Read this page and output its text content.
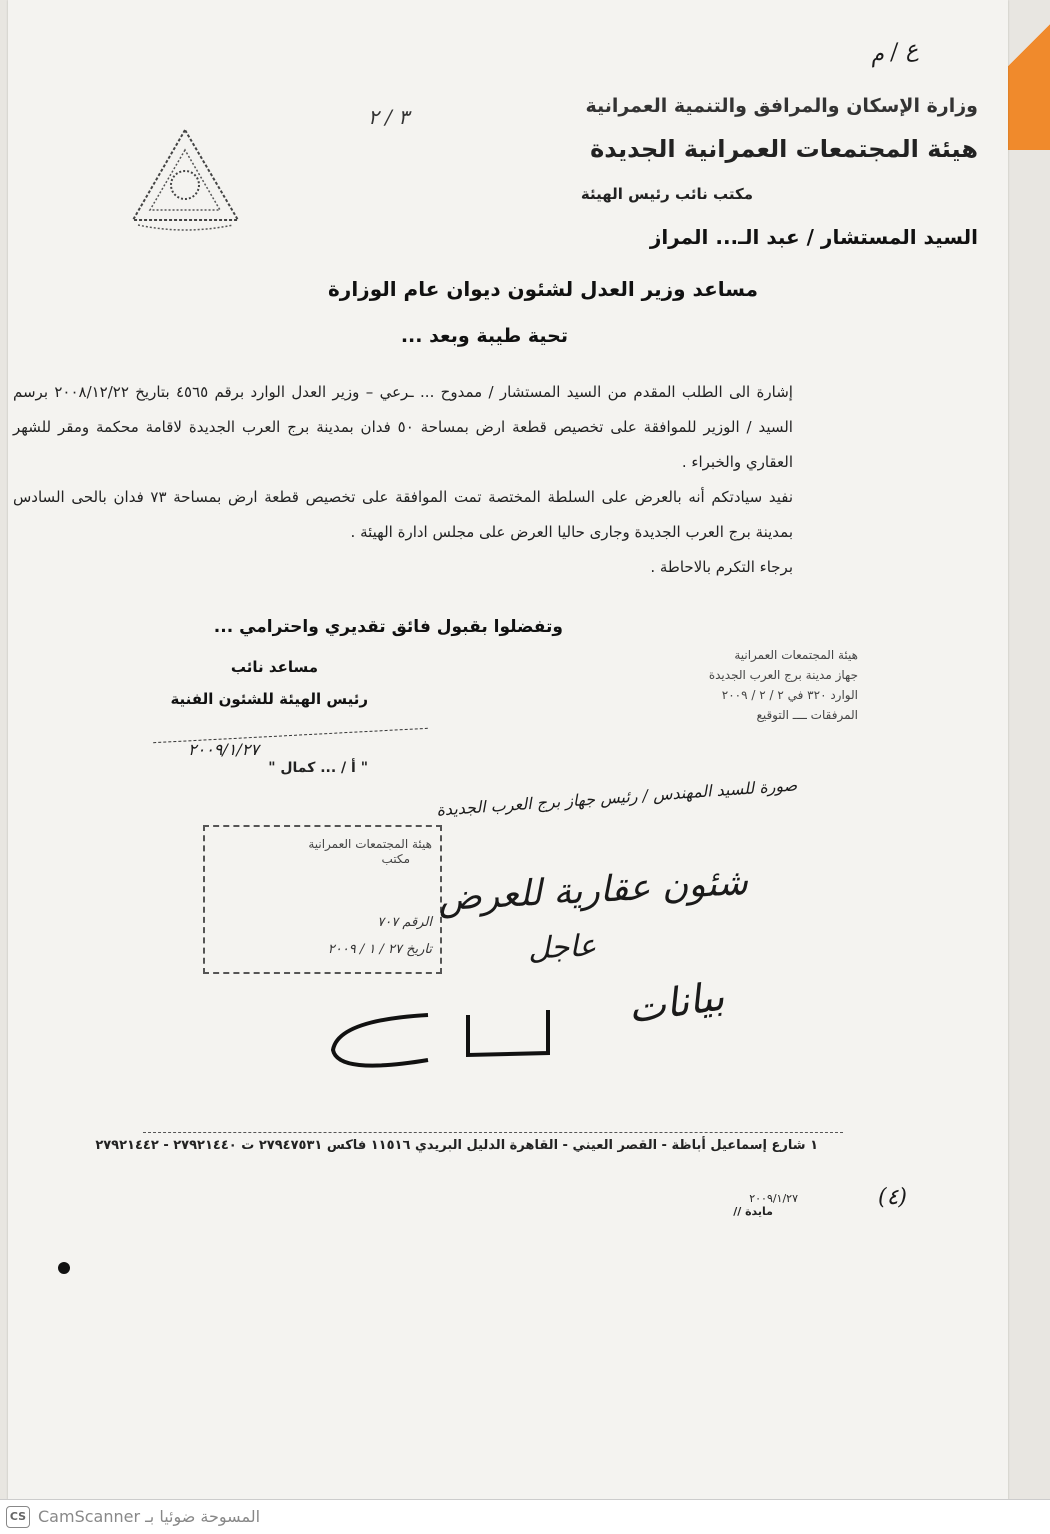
ع / م
٣ / ٢	وزارة الإسكان والمرافق والتنمية العمرانية
هيئة المجتمعات العمرانية الجديدة
مكتب نائب رئيس الهيئة
السيد المستشار / عبد الـ... المراز
مساعد وزير العدل لشئون ديوان عام الوزارة
تحية طيبة وبعد ...
إشارة الى الطلب المقدم من السيد المستشار / ممدوح ... ـرعي – وزير العدل الوارد برقم ٤٥٦٥ بتاريخ ٢٠٠٨/١٢/٢٢ برسم السيد / الوزير للموافقة على تخصيص قطعة ارض بمساحة ٥٠ فدان بمدينة برج العرب الجديدة لاقامة محكمة ومقر للشهر العقاري والخبراء .
نفيد سيادتكم أنه بالعرض على السلطة المختصة تمت الموافقة على تخصيص قطعة ارض بمساحة ٧٣ فدان بالحى السادس بمدينة برج العرب الجديدة وجارى حاليا العرض على مجلس ادارة الهيئة .
برجاء التكرم بالاحاطة .
وتفضلوا بقبول فائق تقديري واحترامي ...
هيئة المجتمعات العمرانية
جهاز مدينة برج العرب الجديدة
الوارد ٣٢٠ في ٢ / ٢ / ٢٠٠٩
المرفقات ــــ التوقيع
مساعد نائب
رئيس الهيئة للشئون الفنية
٢٠٠٩/١/٢٧
" أ / ... كمال "
صورة للسيد المهندس / رئيس جهاز برج العرب الجديدة
هيئة المجتمعات العمرانية
مكتب
الرقم ٧٠٧
تاريخ ٢٧ / ١ / ٢٠٠٩
شئون عقارية للعرض
عاجل
بيانات
١ شارع إسماعيل أباظة - القصر العيني - القاهرة الدليل البريدي ١١٥١٦ فاكس ٢٧٩٤٧٥٣١ ت ٢٧٩٢١٤٤٠ - ٢٧٩٢١٤٤٢
٢٠٠٩/١/٢٧
مايدة //
(٤)
CS CamScanner المسوحة ضوئيا بـ
